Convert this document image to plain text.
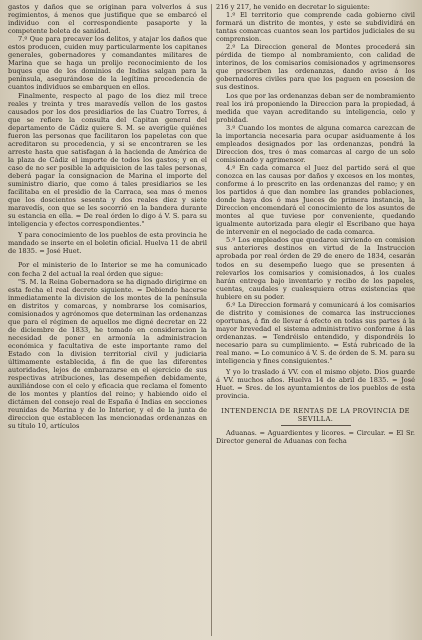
gastos y daños que se originan para volverlos á sus regimientos, á menos que justifique que se embarcó el individuo con el correspondiente pasaporte y la competente boleta de sanidad.

7.º Que para precaver los delitos, y atajar los daños que estos producen, cuiden muy particularmente los capitanes generales, gobernadores y comandantes militares de Marina que se haga un prolijo reconocimiento de los buques que de los dominios de Indias salgan para la península, asegurándose de la legítima procedencia de cuantos individuos se embarquen en ellos.

Finalmente, respecto al pago de los diez mil trece reales y treinta y tres maravedís vellon de los gastos causados por los dos presidiarios de las Cuatro Torres, á que se refiere la consulta del Capitan general del departamento de Cádiz quiere S. M. se averigüe quiénes fueron las personas que facilitaron los papeletas con que acreditaron su procedencia, y si se encontraren se les arreste hasta que satisfagan á la hacienda de América de la plaza de Cádiz el importe de todos los gastos; y en el caso de no ser posible la adquisicion de las tales personas, deberá pagar la consignacion de Marina el importe del suministro diario, que como á tales presidiarios se les facilitaba en el presidio de la Carraca, sea mas ó menos que los doscientos sesenta y dos reales diez y siete maravedís, con que se les socorrió en la bandera durante su estancia en ella. = De real órden lo digo á V. S. para su inteligencia y efectos correspondientes."

Y para conocimiento de los pueblos de esta provincia he mandado se inserte en el boletin oficial. Huelva 11 de abril de 1835. = José Huet.

Por el ministerio de lo Interior se me ha comunicado con fecha 2 del actual la real órden que sigue:

"S. M. la Reina Gobernadora se ha dignado dirigirme en esta fecha el real decreto siguiente. = Debiendo hacerse inmediatamente la division de los montes de la península en distritos y comarcas, y nombrarse los comisarios, comisionados y agrónomos que determinan las ordenanzas que para el régimen de aquellos me digné decretar en 22 de diciembre de 1833, he tomado en consideracion la necesidad de poner en armonía la administracion económica y facultativa de este importante ramo del Estado con la division territorial civil y judiciaria últimamente establecida, á fin de que las diferentes autoridades, lejos de embarazarse en el ejercicio de sus respectivas atribuciones, las desempeñen debidamente, auxiliándose con el celo y eficacia que reclama el fomento de los montes y plantíos del reino; y habiendo oido el dictámen del consejo real de España é Indias en secciones reunidas de Marina y de lo Interior, y el de la junta de direccion que establecen las mencionadas ordenanzas en su título 10, artículos

216 y 217, he venido en decretar lo siguiente:

1.º El territorio que comprende cada gobierno civil formará un distrito de montes, y este se subdividirá en tantas comarcas cuantos sean los partidos judiciales de su comprension.

2.º La Direccion general de Montes procederá sin pérdida de tiempo al nombramiento, con calidad de interinos, de los comisarios comisionados y agrimensores que prescriben las ordenanzas, dando aviso á los gobernadores civiles para que los paguen en posesion de sus destinos.

Los que por las ordenanzas deban ser de nombramiento real los irá proponiendo la Direccion para la propiedad, á medida que vayan acreditando su inteligencia, celo y probidad.

3.º Cuando los montes de alguna comarca carezcan de la importancia necesaria para ocupar asiduamente á los empleados designados por las ordenanzas, pondrá la Direccion dos, tres ó mas comarcas al cargo de un solo comisionado y agrimensor.

4.º En cada comarca el Juez del partido será el que conozca en las causas por daños y excesos en los montes, conforme á lo prescrito en las ordenanzas del ramo; y en los partidos á que dan nombre las grandes poblaciones, donde haya dos ó mas Jueces de primera instancia, la Direccion encomendará el conocimiento de los asuntos de montes al que tuviese por conveniente, quedando igualmente autorizada para elegir el Escribano que haya de intervenir en el negociado de cada comarca.

5.º Los empleados que quedaron sirviendo en comision sus anteriores destinos en virtud de la Instruccion aprobada por real órden de 29 de enero de 1834, cesarán todos en su desempeño luego que se presenten á relevarlos los comisarios y comisionados, á los cuales harán entrega bajo inventario y recibo de los papeles, cuentas, caudales y cualesquiera otras existencias que hubiere en su poder.

6.º La Direccion formará y comunicará á los comisarios de distrito y comisiones de comarca las instrucciones oportunas, á fin de llevar á efecto en todas sus partes á la mayor brevedad el sistema administrativo conforme á las ordenanzas. = Tendréislo entendido, y dispondréis lo necesario para su cumplimiento. = Está rubricado de la real mano. = Lo comunico á V. S. de órden de S. M. para su inteligencia y fines consiguientes."

Y yo lo traslado á VV. con el mismo objeto. Dios guarde á VV. muchos años. Huelva 14 de abril de 1835. = José Huet. = Sres. de los ayuntamientos de los pueblos de esta provincia.

INTENDENCIA DE RENTAS DE LA PROVINCIA DE

SEVILLA.

Aduanas. = Aguardientes y licores. = Circular. = El Sr. Director general de Aduanas con fecha
